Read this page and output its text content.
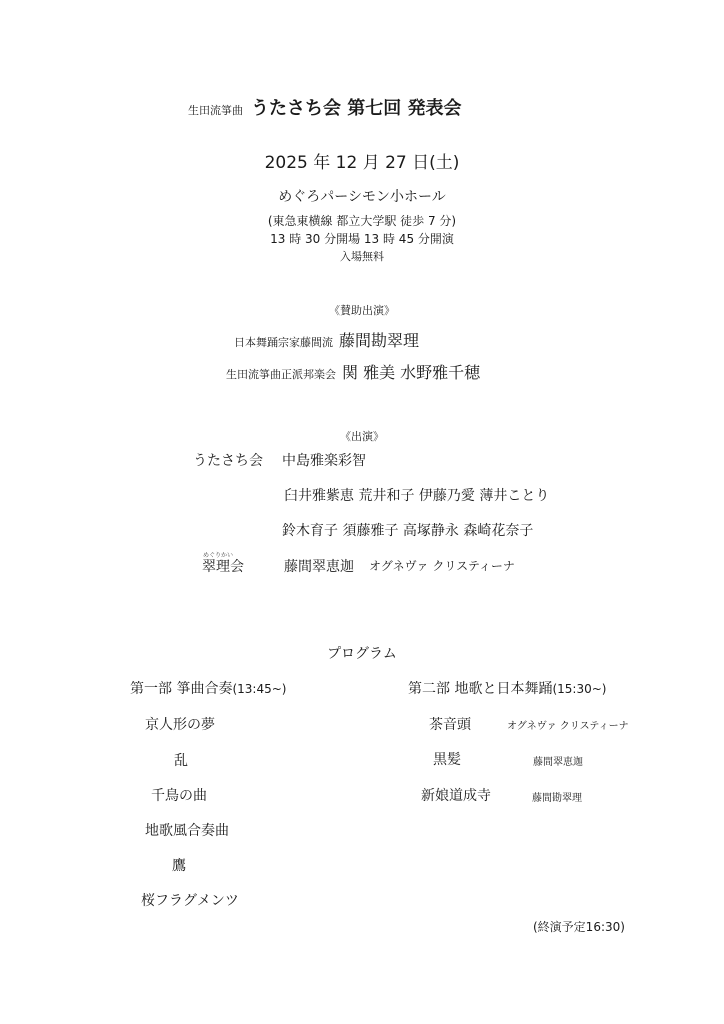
生田流箏曲 うたさち会 第七回 発表会
2025 年 12 月 27 日(土)
めぐろパーシモン小ホール
(東急東横線 都立大学駅 徒歩 7 分)
13 時 30 分開場 13 時 45 分開演
入場無料
《賛助出演》
日本舞踊宗家藤間流 藤間勘翠理
生田流箏曲正派邦楽会 関 雅美 水野雅千穂
《出演》
うたさち会 中島雅楽彩智
臼井雅紫恵 荒井和子 伊藤乃愛 薄井ことり
鈴木育子 須藤雅子 高塚静永 森崎花奈子
めぐりかい
翠理会	藤間翠恵迦 オグネヴァ クリスティーナ
プログラム
第一部 箏曲合奏(13:45~)
京人形の夢
乱
千鳥の曲
地歌風合奏曲
鷹
桜フラグメンツ
第二部 地歌と日本舞踊(15:30~)
茶音頭	オグネヴァ クリスティーナ
黒髪	藤間翠恵迦
新娘道成寺	藤間勘翠理
(終演予定16:30)
